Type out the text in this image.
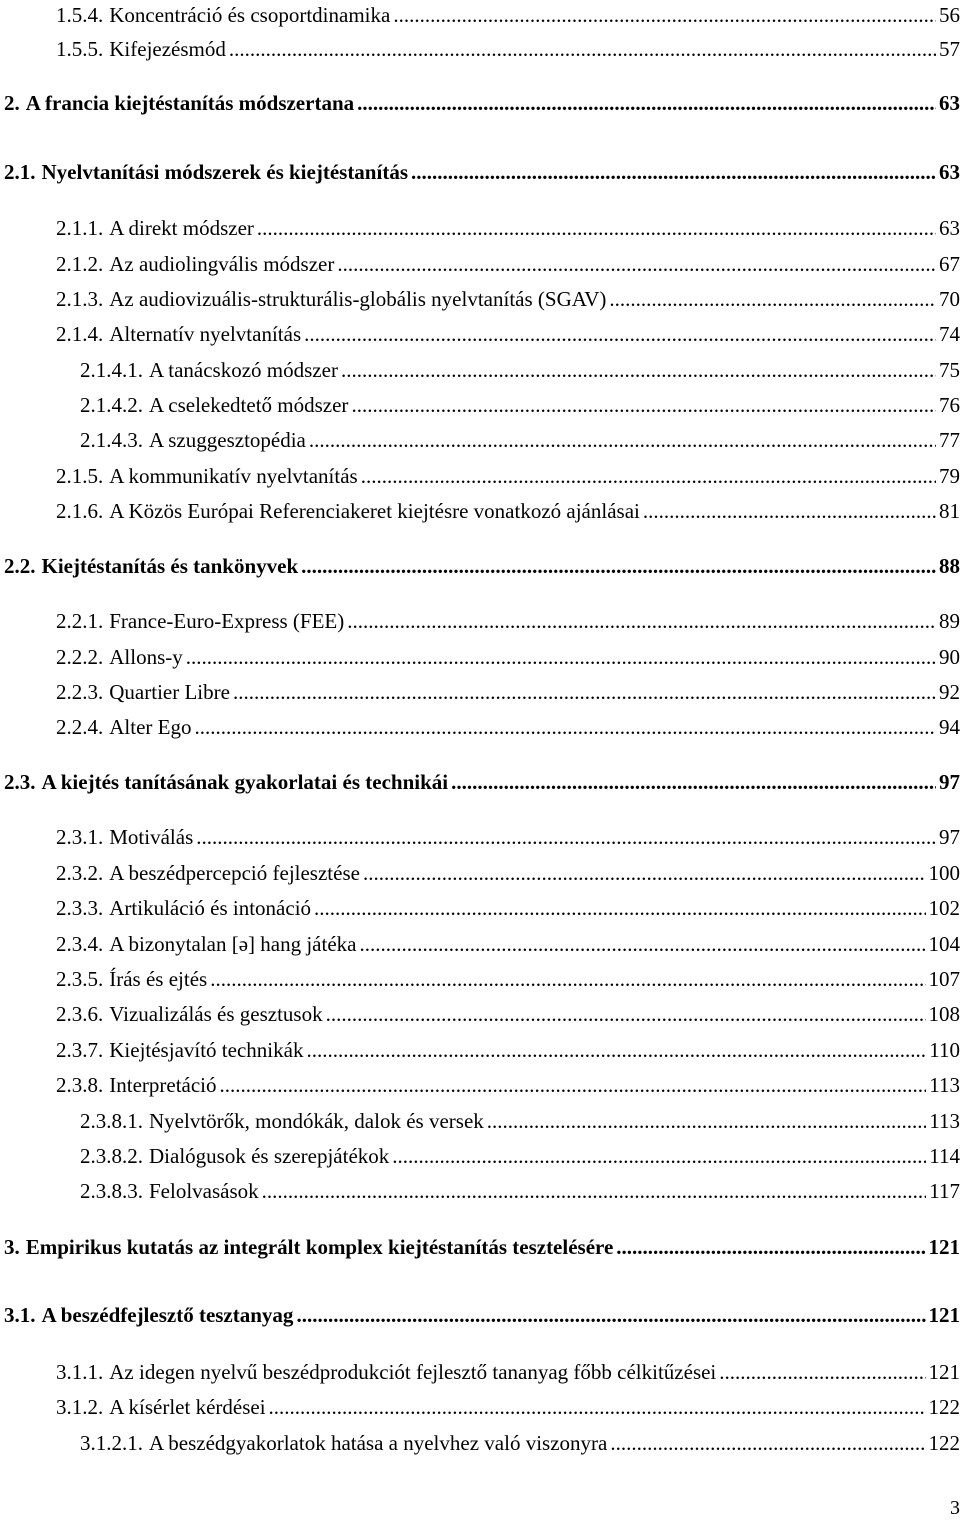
1.5.4. Koncentráció és csoportdinamika .....	56
1.5.5. Kifejezésmód .....	57
2. A francia kiejtéstanítás módszertana .....	63
2.1. Nyelvtanítási módszerek és kiejtéstanítás .....	63
2.1.1. A direkt módszer .....	63
2.1.2. Az audiolingvális módszer .....	67
2.1.3. Az audiovizuális-strukturális-globális nyelvtanítás (SGAV) .....	70
2.1.4. Alternatív nyelvtanítás .....	74
2.1.4.1. A tanácskozó módszer .....	75
2.1.4.2. A cselekedtető módszer .....	76
2.1.4.3. A szuggesztopédia .....	77
2.1.5. A kommunikatív nyelvtanítás .....	79
2.1.6. A Közös Európai Referenciakeret kiejtésre vonatkozó ajánlásai .....	81
2.2. Kiejtéstanítás és tankönyvek .....	88
2.2.1. France-Euro-Express (FEE) .....	89
2.2.2. Allons-y .....	90
2.2.3. Quartier Libre .....	92
2.2.4. Alter Ego .....	94
2.3. A kiejtés tanításának gyakorlatai és technikái .....	97
2.3.1. Motiválás .....	97
2.3.2. A beszédpercepció fejlesztése .....	100
2.3.3. Artikuláció és intonáció .....	102
2.3.4. A bizonytalan [ə] hang játéka .....	104
2.3.5. Írás és ejtés .....	107
2.3.6. Vizualizálás és gesztusok .....	108
2.3.7. Kiejtésjavító technikák .....	110
2.3.8. Interpretáció .....	113
2.3.8.1. Nyelvtörők, mondókák, dalok és versek .....	113
2.3.8.2. Dialógusok és szerepjátékok .....	114
2.3.8.3. Felolvasások .....	117
3. Empirikus kutatás az integrált komplex kiejtéstanítás tesztelésére .....	121
3.1. A beszédfejlesztő tesztanyag .....	121
3.1.1. Az idegen nyelvű beszédprodukciót fejlesztő tananyag főbb célkitűzései .....	121
3.1.2. A kísérlet kérdései .....	122
3.1.2.1. A beszédgyakorlatok hatása a nyelvhez való viszonyra .....	122
3
